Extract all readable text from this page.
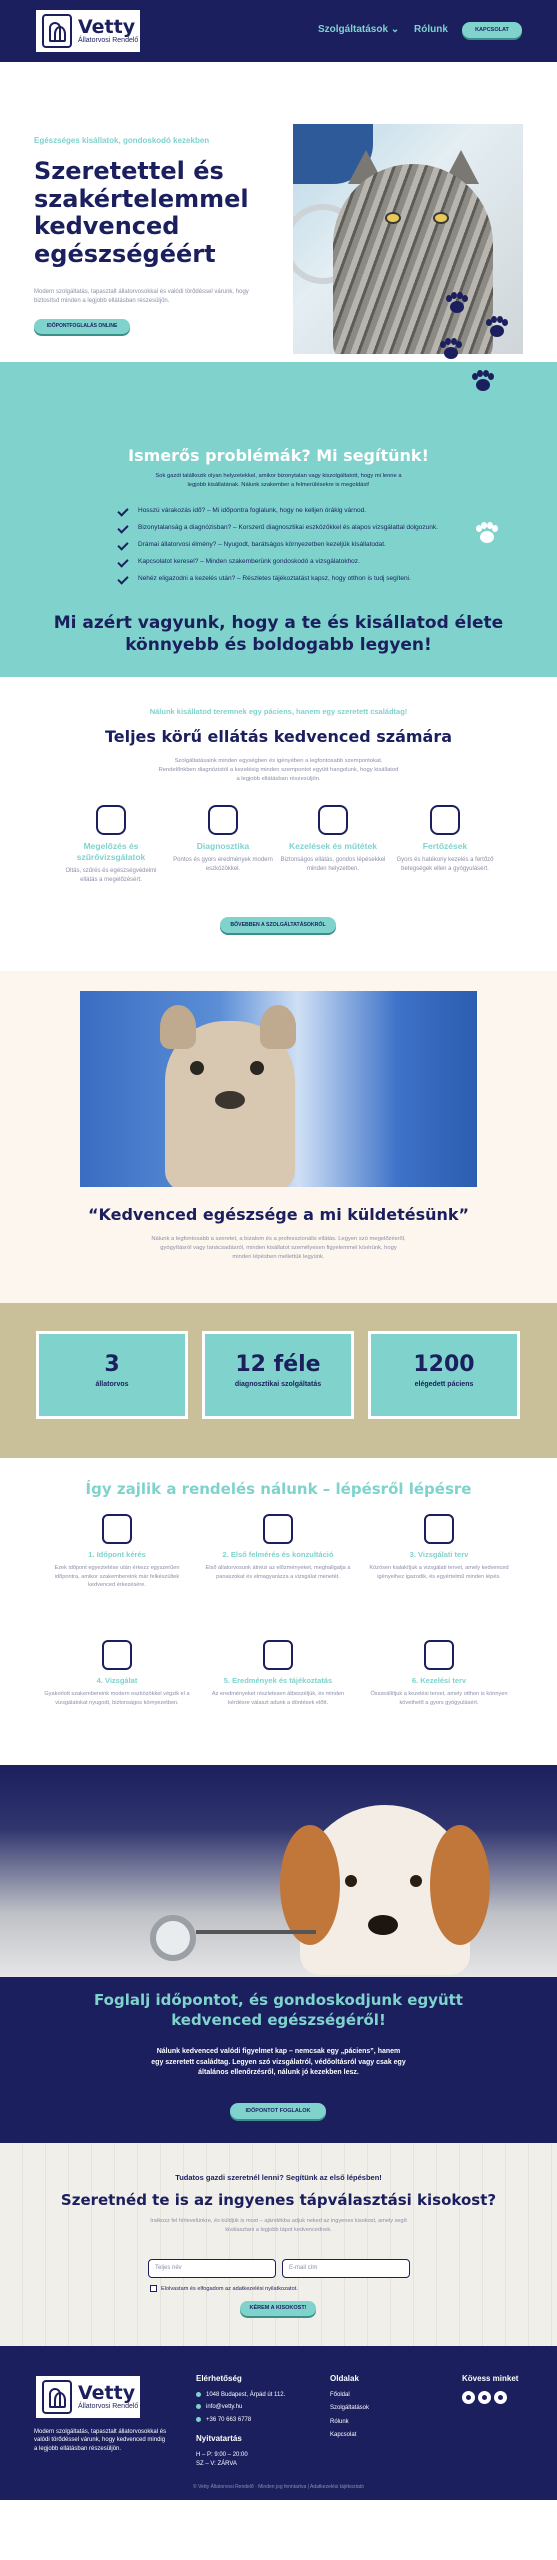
Vetty
Állatorvosi Rendelő
Szolgáltatások ⌄ Rólunk	KAPCSOLAT
Egészséges kisállatok, gondoskodó kezekben
Szeretettel és szakértelemmel kedvenced egészségéért
Modern szolgáltatás, tapasztalt állatorvosokkal és valódi törődéssel várunk, hogy biztosítsd minden a legjobb ellátásban részesüljön.
IDŐPONTFOGLALÁS ONLINE
Ismerős problémák? Mi segítünk!
Sok gazdi találkozik olyan helyzetekkel, amikor bizonytalan vagy kiszolgáltatott, hogy mi lenne a legjobb kisállatának. Nálunk szakember a felmerülésekre is megoldást!
Hosszú várakozás idő? – Mi időpontra foglalunk, hogy ne kelljen órákig várnod.
Bizonytalanság a diagnózisban? – Korszerű diagnosztikai eszközökkel és alapos vizsgálattal dolgozunk.
Drámai állatorvosi élmény? – Nyugodt, barátságos környezetben kezeljük kisállatodat.
Kapcsolatot keresel? – Minden szakemberünk gondoskodó a vizsgálatokhoz.
Nehéz eligazodni a kezelés után? – Részletes tájékoztatást kapsz, hogy otthon is tudj segíteni.
Mi azért vagyunk, hogy a te és kisállatod élete könnyebb és boldogabb legyen!
Nálunk kisállatod teremnek egy páciens, hanem egy szeretett családtag!
Teljes körű ellátás kedvenced számára
Szolgáltatásaink minden egységben és igényében a legfontosabb szempontokat. Rendelőnkben diagnózistól a kezelésig minden szempontot együtt hangolunk, hogy kisállatod a legjobb ellátásban részesüljön.
Megelőzés és szűrővizsgálatok
Oltás, szűrés és egészségvédelmi ellátás a megelőzésért.
Diagnosztika
Pontos és gyors eredmények modern eszközökkel.
Kezelések és műtétek
Biztonságos ellátás, gondos lépésekkel minden helyzetben.
Fertőzések
Gyors és hatékony kezelés a fertőző betegségek ellen a gyógyulásért.
BŐVEBBEN A SZOLGÁLTATÁSOKRÓL
“Kedvenced egészsége a mi küldetésünk”
Nálunk a legfontosabb a szeretet, a bizalom és a professzionális ellátás. Legyen szó megelőzésről, gyógyításról vagy tanácsadásról, minden kisállatot személyesen figyelemmel kísérünk, hogy minden lépésben mellettük legyünk.
3
állatorvos
12 féle
diagnosztikai szolgáltatás
1200
elégedett páciens
Így zajlik a rendelés nálunk – lépésről lépésre
1. Időpont kérés
Ezek időpont egyeztetése után érkezz egyszerűen időpontra, amikor szakembereink már felkészültek kedvenced érkezésére.
2. Első felmérés és konzultáció
Első állatorvosunk átnézi az előzményeket, meghallgatja a panaszokat és elmagyarázza a vizsgálat menetét.
3. Vizsgálati terv
Közösen kialakítjuk a vizsgálati tervet, amely kedvenced igényeihez igazodik, és egyértelmű minden lépés.
4. Vizsgálat
Gyakorlott szakembereink modern eszközökkel végzik el a vizsgálatokat nyugodt, biztonságos környezetben.
5. Eredmények és tájékoztatás
Az eredményeket részletesen átbeszéljük, és minden kérdésre választ adunk a döntések előtt.
6. Kezelési terv
Összeállítjuk a kezelési tervet, amely otthon is könnyen követhető a gyors gyógyulásért.
Foglalj időpontot, és gondoskodjunk együtt kedvenced egészségéről!
Nálunk kedvenced valódi figyelmet kap – nemcsak egy „páciens”, hanem egy szeretett családtag. Legyen szó vizsgálatról, védőoltásról vagy csak egy általános ellenőrzésről, nálunk jó kezekben lesz.
IDŐPONTOT FOGLALOK
Tudatos gazdi szeretnél lenni? Segítünk az első lépésben!
Szeretnéd te is az ingyenes tápválasztási kisokost?
Iratkozz fel hírlevelünkre, és küldjük is most – ajándékba adjuk neked az ingyenes kisokost, amely segít kiválasztani a legjobb tápot kedvencednek.
Teljes név	E-mail cím
Elolvastam és elfogadom az adatkezelési nyilatkozatot.
KÉREM A KISOKOST!
Vetty
Állatorvosi Rendelő
Modern szolgáltatás, tapasztalt állatorvosokkal és valódi törődéssel várunk, hogy kedvenced mindig a legjobb ellátásban részesüljön.
Elérhetőség
1048 Budapest, Árpád út 112.
info@vetty.hu
+36 70 663 6778
Nyitvatartás
H – P: 9:00 – 20:00
SZ – V: ZÁRVA
Oldalak
Főoldal
Szolgáltatások
Rólunk
Kapcsolat
Kövess minket
© Vetty Állatorvosi Rendelő · Minden jog fenntartva | Adatkezelési tájékoztató
